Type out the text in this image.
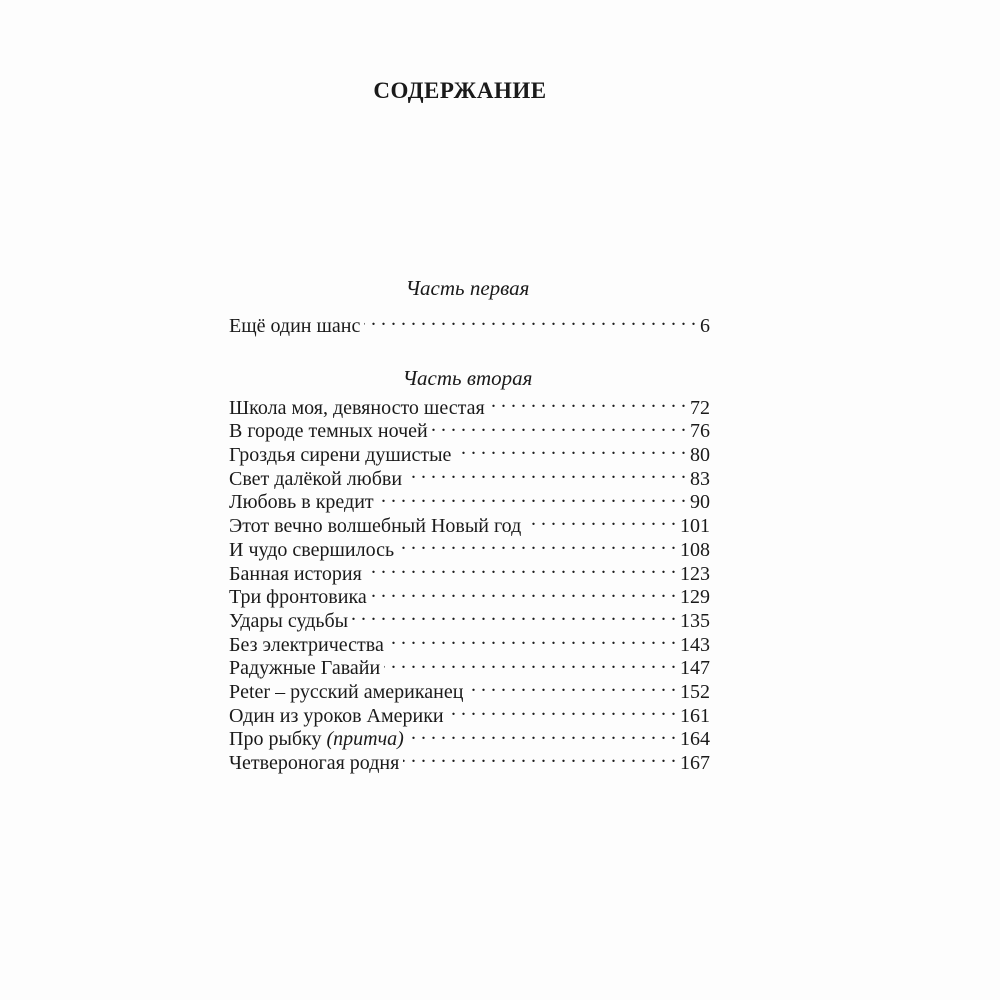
СОДЕРЖАНИЕ
Часть первая
Ещё один шанс . . .	6
Часть вторая
Школа моя, девяносто шестая . . .	72
В городе темных ночей . . .	76
Гроздья сирени душистые . . .	80
Свет далёкой любви . . .	83
Любовь в кредит . . .	90
Этот вечно волшебный Новый год . . .	101
И чудо свершилось . . .	108
Банная история . . .	123
Три фронтовика . . .	129
Удары судьбы . . .	135
Без электричества . . .	143
Радужные Гавайи . . .	147
Peter – русский американец . . .	152
Один из уроков Америки . . .	161
Про рыбку (притча) . . .	164
Четвероногая родня . . .	167
